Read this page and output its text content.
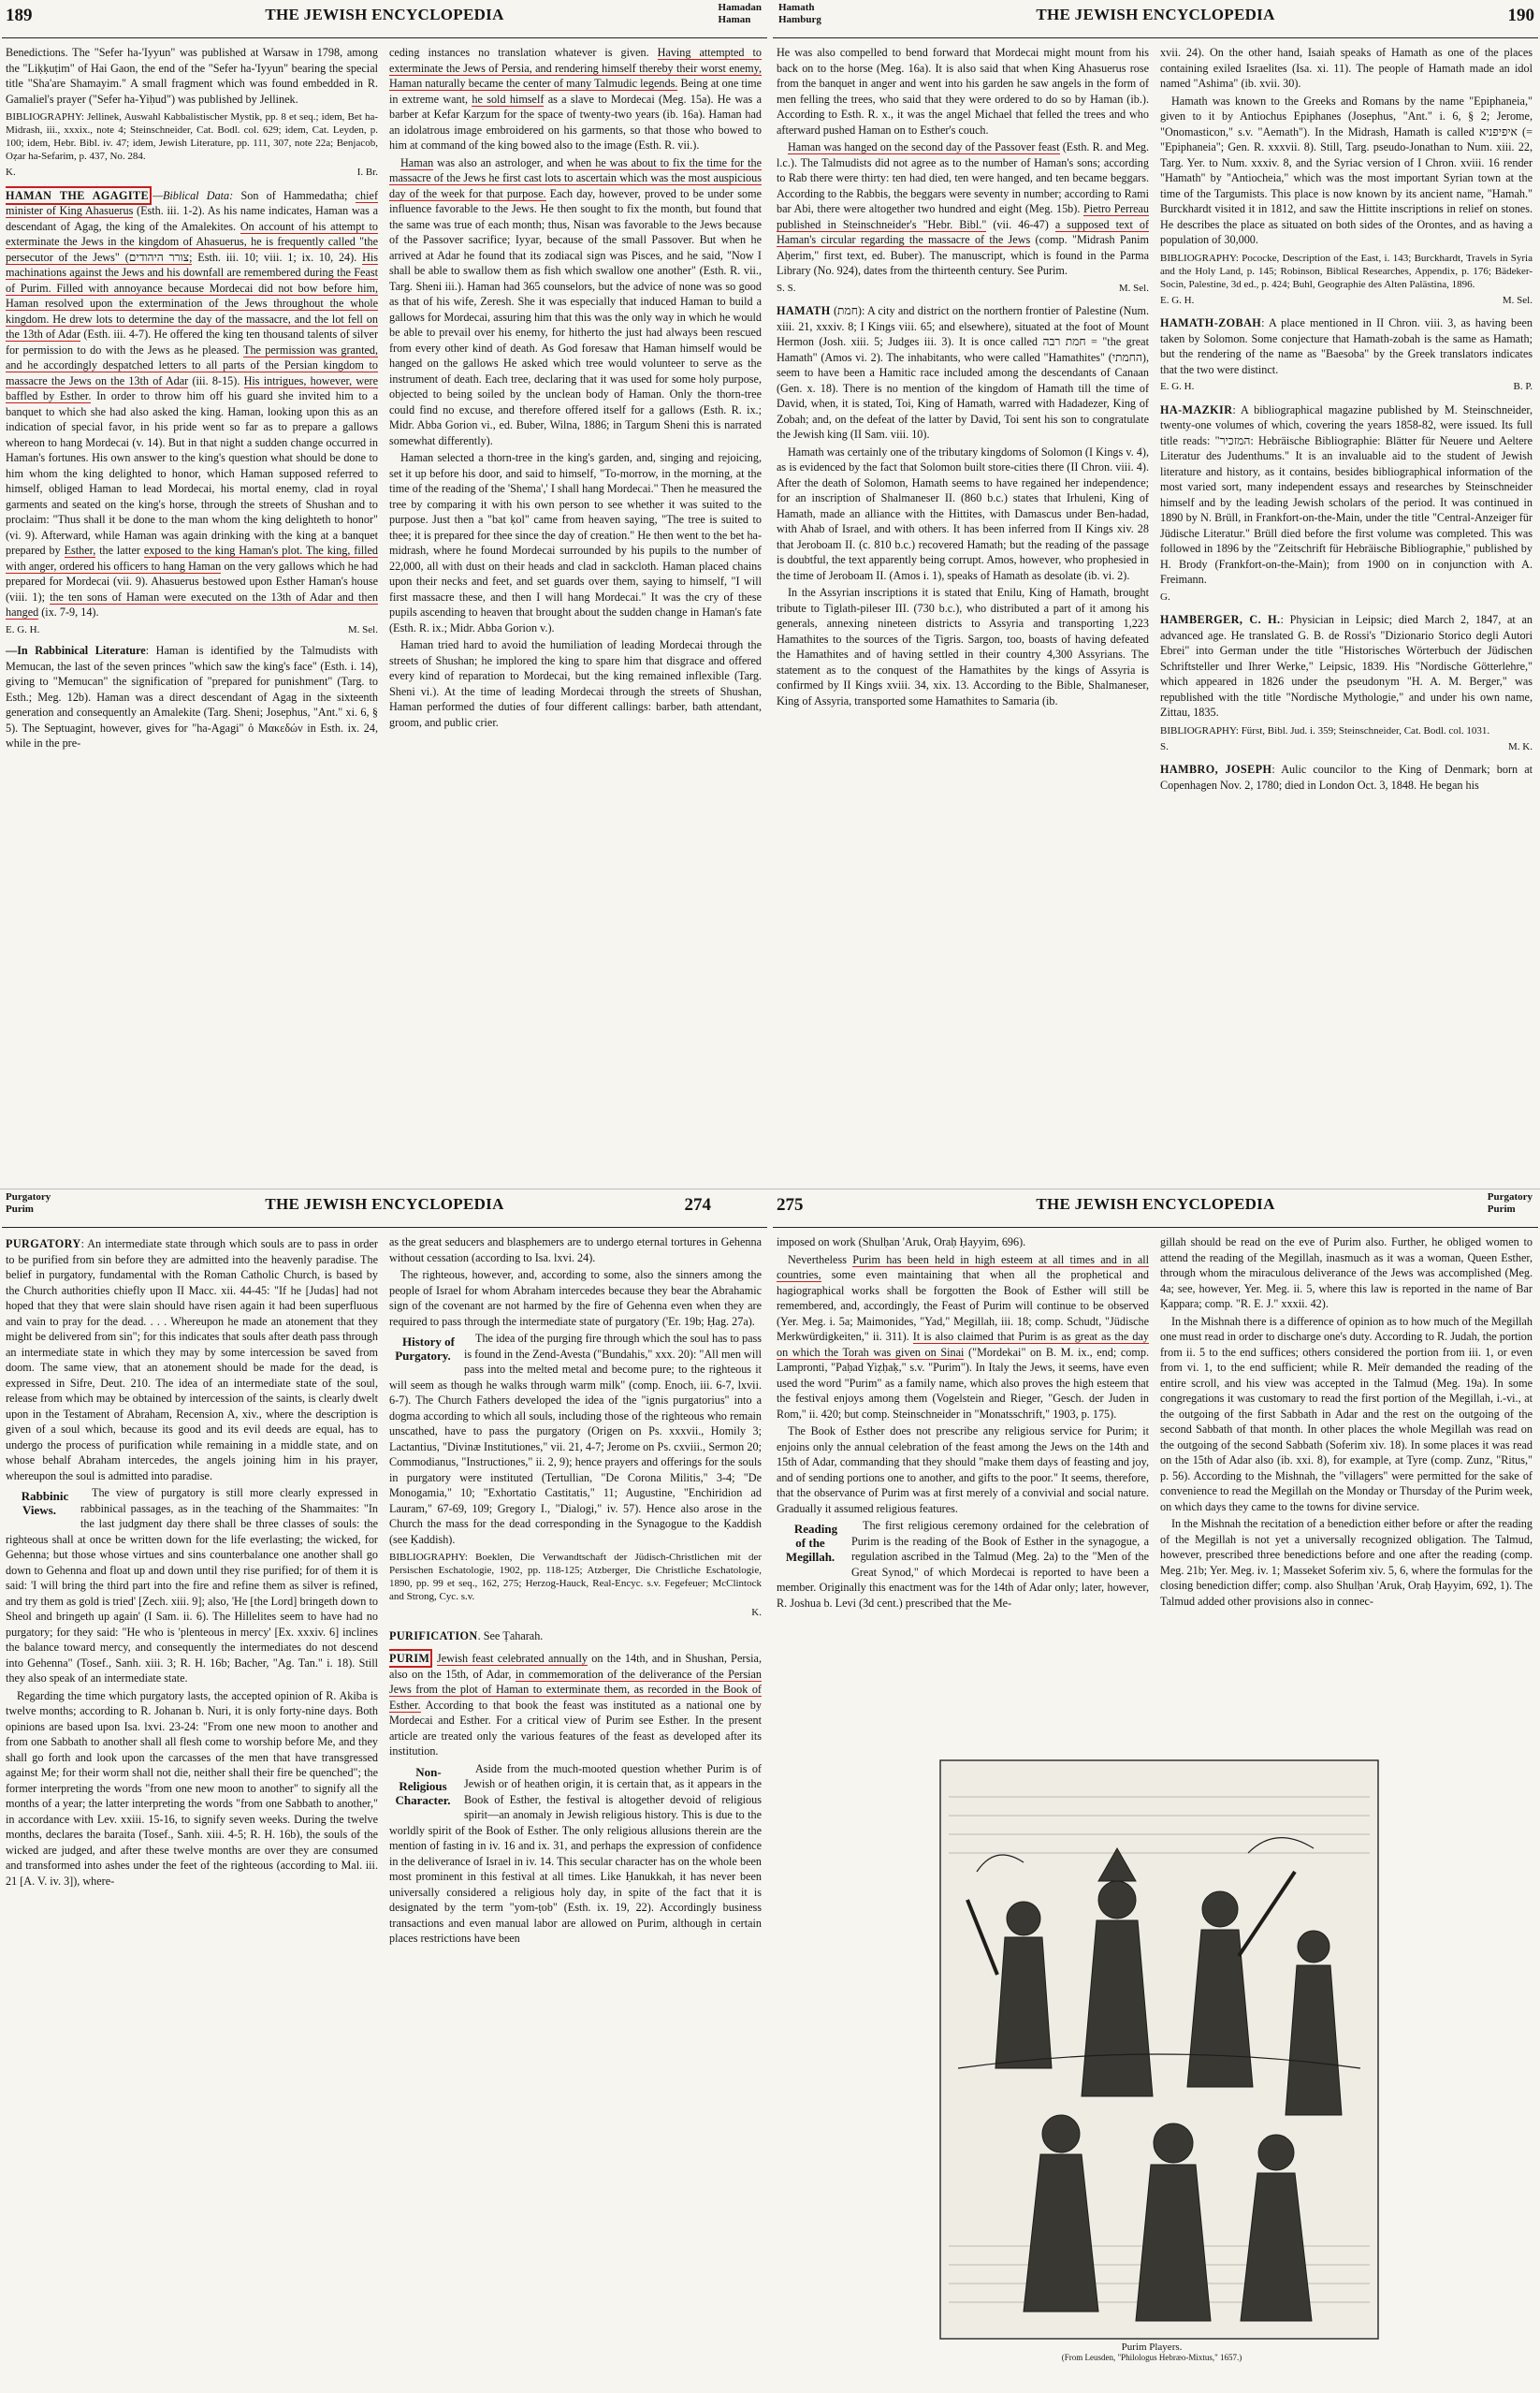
189	THE JEWISH ENCYCLOPEDIA	Hamadan
Haman
Hamath
Hamburg	THE JEWISH ENCYCLOPEDIA	190

Benedictions. The "Sefer ha-'Iyyun" was published at Warsaw in 1798, among the "Liḳḳuṭim" of Hai Gaon, the end of the "Sefer ha-'Iyyun" bearing the special title "Sha'are Shamayim." A small fragment which was found embedded in R. Gamaliel's prayer ("Sefer ha-Yiḥud") was published by Jellinek.

BIBLIOGRAPHY: Jellinek, Auswahl Kabbalistischer Mystik, pp. 8 et seq.; idem, Bet ha-Midrash, iii., xxxix., note 4; Steinschneider, Cat. Bodl. col. 629; idem, Cat. Leyden, p. 100; idem, Hebr. Bibl. iv. 47; idem, Jewish Literature, pp. 111, 307, note 22a; Benjacob, Oẓar ha-Sefarim, p. 437, No. 284.

K.	I. Br.

HAMAN THE AGAGITE:—Biblical Data: Son of Hammedatha; chief minister of King Ahasuerus (Esth. iii. 1-2). As his name indicates, Haman was a descendant of Agag, the king of the Amalekites. On account of his attempt to exterminate the Jews in the kingdom of Ahasuerus, he is frequently called "the persecutor of the Jews" (צורר היהודים; Esth. iii. 10; viii. 1; ix. 10, 24). His machinations against the Jews and his downfall are remembered during the Feast of Purim. Filled with annoyance because Mordecai did not bow before him, Haman resolved upon the extermination of the Jews throughout the whole kingdom. He drew lots to determine the day of the massacre, and the lot fell on the 13th of Adar (Esth. iii. 4-7). He offered the king ten thousand talents of silver for permission to do with the Jews as he pleased. The permission was granted, and he accordingly despatched letters to all parts of the Persian kingdom to massacre the Jews on the 13th of Adar (iii. 8-15). His intrigues, however, were baffled by Esther. In order to throw him off his guard she invited him to a banquet to which she had also asked the king. Haman, looking upon this as an indication of special favor, in his pride went so far as to prepare a gallows whereon to hang Mordecai (v. 14). But in that night a sudden change occurred in Haman's fortunes. His own answer to the king's question what should be done to him whom the king delighted to honor, which Haman supposed referred to himself, obliged Haman to lead Mordecai, his mortal enemy, clad in royal garments and seated on the king's horse, through the streets of Shushan and to proclaim: "Thus shall it be done to the man whom the king delighteth to honor" (vi. 9). Afterward, while Haman was again drinking with the king at a banquet prepared by Esther, the latter exposed to the king Haman's plot. The king, filled with anger, ordered his officers to hang Haman on the very gallows which he had prepared for Mordecai (vii. 9). Ahasuerus bestowed upon Esther Haman's house (viii. 1); the ten sons of Haman were executed on the 13th of Adar and then hanged (ix. 7-9, 14).

E. G. H.	M. Sel.

—In Rabbinical Literature: Haman is identified by the Talmudists with Memucan, the last of the seven princes "which saw the king's face" (Esth. i. 14), giving to "Memucan" the signification of "prepared for punishment" (Targ. to Esth.; Meg. 12b). Haman was a direct descendant of Agag in the sixteenth generation and consequently an Amalekite (Targ. Sheni; Josephus, "Ant." xi. 6, § 5). The Septuagint, however, gives for "ha-Agagi" ὁ Μακεδών in Esth. ix. 24, while in the pre-

ceding instances no translation whatever is given. Having attempted to exterminate the Jews of Persia, and rendering himself thereby their worst enemy, Haman naturally became the center of many Talmudic legends. Being at one time in extreme want, he sold himself as a slave to Mordecai (Meg. 15a). He was a barber at Kefar Ḳarẓum for the space of twenty-two years (ib. 16a). Haman had an idolatrous image embroidered on his garments, so that those who bowed to him at command of the king bowed also to the image (Esth. R. vii.).

Haman was also an astrologer, and when he was about to fix the time for the massacre of the Jews he first cast lots to ascertain which was the most auspicious day of the week for that purpose. Each day, however, proved to be under some influence favorable to the Jews. He then sought to fix the month, but found that the same was true of each month; thus, Nisan was favorable to the Jews because of the Passover sacrifice; Iyyar, because of the small Passover. But when he arrived at Adar he found that its zodiacal sign was Pisces, and he said, "Now I shall be able to swallow them as fish which swallow one another" (Esth. R. vii., Targ. Sheni iii.). Haman had 365 counselors, but the advice of none was so good as that of his wife, Zeresh. She it was especially that induced Haman to build a gallows for Mordecai, assuring him that this was the only way in which he would be able to prevail over his enemy, for hitherto the just had always been rescued from every other kind of death. As God foresaw that Haman himself would be hanged on the gallows He asked which tree would volunteer to serve as the instrument of death. Each tree, declaring that it was used for some holy purpose, objected to being soiled by the unclean body of Haman. Only the thorn-tree could find no excuse, and therefore offered itself for a gallows (Esth. R. ix.; Midr. Abba Gorion vi., ed. Buber, Wilna, 1886; in Targum Sheni this is narrated somewhat differently).

Haman selected a thorn-tree in the king's garden, and, singing and rejoicing, set it up before his door, and said to himself, "To-morrow, in the morning, at the time of the reading of the 'Shema',' I shall hang Mordecai." Then he measured the tree by comparing it with his own person to see whether it was suited to the purpose. Just then a "bat ḳol" came from heaven saying, "The tree is suited to thee; it is prepared for thee since the day of creation." He then went to the bet ha-midrash, where he found Mordecai surrounded by his pupils to the number of 22,000, all with dust on their heads and clad in sackcloth. Haman placed chains upon their necks and feet, and set guards over them, saying to himself, "I will first massacre these, and then I will hang Mordecai." It was the cry of these pupils ascending to heaven that brought about the sudden change in Haman's fate (Esth. R. ix.; Midr. Abba Gorion v.).

Haman tried hard to avoid the humiliation of leading Mordecai through the streets of Shushan; he implored the king to spare him that disgrace and offered every kind of reparation to Mordecai, but the king remained inflexible (Targ. Sheni vi.). At the time of leading Mordecai through the streets of Shushan, Haman performed the duties of four different callings: barber, bath attendant, groom, and public crier.

He was also compelled to bend forward that Mordecai might mount from his back on to the horse (Meg. 16a). It is also said that when King Ahasuerus rose from the banquet in anger and went into his garden he saw angels in the form of men felling the trees, who said that they were ordered to do so by Haman (ib.). According to Esth. R. x., it was the angel Michael that felled the trees and who afterward pushed Haman on to Esther's couch.

Haman was hanged on the second day of the Passover feast (Esth. R. and Meg. l.c.). The Talmudists did not agree as to the number of Haman's sons; according to Rab there were thirty: ten had died, ten were hanged, and ten became beggars. According to the Rabbis, the beggars were seventy in number; according to Rami bar Abi, there were altogether two hundred and eight (Meg. 15b). Pietro Perreau published in Steinschneider's "Hebr. Bibl." (vii. 46-47) a supposed text of Haman's circular regarding the massacre of the Jews (comp. "Midrash Panim Aḥerim," first text, ed. Buber). The manuscript, which is found in the Parma Library (No. 924), dates from the thirteenth century. See Purim.

S. S.	M. Sel.

HAMATH (חמת): A city and district on the northern frontier of Palestine (Num. xiii. 21, xxxiv. 8; I Kings viii. 65; and elsewhere), situated at the foot of Mount Hermon (Josh. xiii. 5; Judges iii. 3). It is once called חמת רבה = "the great Hamath" (Amos vi. 2). The inhabitants, who were called "Hamathites" (החמתי), seem to have been a Hamitic race included among the descendants of Canaan (Gen. x. 18). There is no mention of the kingdom of Hamath till the time of David, when, it is stated, Toi, King of Hamath, warred with Hadadezer, King of Zobah; and, on the defeat of the latter by David, Toi sent his son to congratulate the Jewish king (II Sam. viii. 10).

Hamath was certainly one of the tributary kingdoms of Solomon (I Kings v. 4), as is evidenced by the fact that Solomon built store-cities there (II Chron. viii. 4). After the death of Solomon, Hamath seems to have regained her independence; for an inscription of Shalmaneser II. (860 b.c.) states that Irhuleni, King of Hamath, made an alliance with the Hittites, with Damascus under Ben-hadad, with Ahab of Israel, and with others. It has been inferred from II Kings xiv. 28 that Jeroboam II. (c. 810 b.c.) recovered Hamath; but the reading of the passage is doubtful, the text apparently being corrupt. Amos, however, who prophesied in the time of Jeroboam II. (Amos i. 1), speaks of Hamath as desolate (ib. vi. 2).

In the Assyrian inscriptions it is stated that Enilu, King of Hamath, brought tribute to Tiglath-pileser III. (730 b.c.), who distributed a part of it among his generals, annexing nineteen districts to Assyria and transporting 1,223 Hamathites to the sources of the Tigris. Sargon, too, boasts of having defeated the Hamathites and of having settled in their country 4,300 Assyrians. The statement as to the conquest of the Hamathites by the kings of Assyria is confirmed by II Kings xviii. 34, xix. 13. According to the Bible, Shalmaneser, King of Assyria, transported some Hamathites to Samaria (ib.

xvii. 24). On the other hand, Isaiah speaks of Hamath as one of the places containing exiled Israelites (Isa. xi. 11). The people of Hamath made an idol named "Ashima" (ib. xvii. 30).

Hamath was known to the Greeks and Romans by the name "Epiphaneia," given to it by Antiochus Epiphanes (Josephus, "Ant." i. 6, § 2; Jerome, "Onomasticon," s.v. "Aemath"). In the Midrash, Hamath is called איפיפניא (= "Epiphaneia"; Gen. R. xxxvii. 8). Still, Targ. pseudo-Jonathan to Num. xiii. 22, Targ. Yer. to Num. xxxiv. 8, and the Syriac version of I Chron. xviii. 16 render "Hamath" by "Antiocheia," which was the most important Syrian town at the time of the Targumists. This place is now known by its ancient name, "Hamah." Burckhardt visited it in 1812, and saw the Hittite inscriptions in relief on stones. He describes the place as situated on both sides of the Orontes, and as having a population of 30,000.

BIBLIOGRAPHY: Pococke, Description of the East, i. 143; Burckhardt, Travels in Syria and the Holy Land, p. 145; Robinson, Biblical Researches, Appendix, p. 176; Bädeker-Socin, Palestine, 3d ed., p. 424; Buhl, Geographie des Alten Palästina, 1896.

E. G. H.	M. Sel.

HAMATH-ZOBAH: A place mentioned in II Chron. viii. 3, as having been taken by Solomon. Some conjecture that Hamath-zobah is the same as Hamath; but the rendering of the name as "Baesoba" by the Greek translators indicates that the two were distinct.

E. G. H.	B. P.

HA-MAZKIR: A bibliographical magazine published by M. Steinschneider, twenty-one volumes of which, covering the years 1858-82, were issued. Its full title reads: "המזכיר: Hebräische Bibliographie: Blätter für Neuere und Aeltere Literatur des Judenthums." It is an invaluable aid to the student of Jewish literature and history, as it contains, besides bibliographical information of the most varied sort, many independent essays and researches by Steinschneider himself and by the leading Jewish scholars of the period. It was continued in 1890 by N. Brüll, in Frankfort-on-the-Main, under the title "Central-Anzeiger für Jüdische Literatur." Brüll died before the first volume was completed. This was followed in 1896 by the "Zeitschrift für Hebräische Bibliographie," published by H. Brody (Frankfort-on-the-Main); from 1900 on in conjunction with A. Freimann.

G.

HAMBERGER, C. H.: Physician in Leipsic; died March 2, 1847, at an advanced age. He translated G. B. de Rossi's "Dizionario Storico degli Autori Ebrei" into German under the title "Historisches Wörterbuch der Jüdischen Schriftsteller und Ihrer Werke," Leipsic, 1839. His "Nordische Götterlehre," which appeared in 1826 under the pseudonym "H. A. M. Berger," was republished with the title "Nordische Mythologie," and under his own name, Zittau, 1835.

BIBLIOGRAPHY: Fürst, Bibl. Jud. i. 359; Steinschneider, Cat. Bodl. col. 1031.

S.	M. K.

HAMBRO, JOSEPH: Aulic councilor to the King of Denmark; born at Copenhagen Nov. 2, 1780; died in London Oct. 3, 1848. He began his

Purgatory
Purim	THE JEWISH ENCYCLOPEDIA	274	275	THE JEWISH ENCYCLOPEDIA	Purgatory
Purim

PURGATORY: An intermediate state through which souls are to pass in order to be purified from sin before they are admitted into the heavenly paradise. The belief in purgatory, fundamental with the Roman Catholic Church, is based by the Church authorities chiefly upon II Macc. xii. 44-45: "If he [Judas] had not hoped that they that were slain should have risen again it had been superfluous and vain to pray for the dead. . . . Whereupon he made an atonement that they might be delivered from sin"; for this indicates that souls after death pass through an intermediate state in which they may by some intercession be saved from doom. The same view, that an atonement should be made for the dead, is expressed in Sifre, Deut. 210. The idea of an intermediate state of the soul, release from which may be obtained by intercession of the saints, is clearly dwelt upon in the Testament of Abraham, Recension A, xiv., where the description is given of a soul which, because its good and its evil deeds are equal, has to undergo the process of purification while remaining in a middle state, and on whose behalf Abraham intercedes, the angels joining him in his prayer, whereupon the soul is admitted into paradise.

Rabbinic Views.
The view of purgatory is still more clearly expressed in rabbinical passages, as in the teaching of the Shammaites: "In the last judgment day there shall be three classes of souls: the righteous shall at once be written down for the life everlasting; the wicked, for Gehenna; but those whose virtues and sins counterbalance one another shall go down to Gehenna and float up and down until they rise purified; for of them it is said: 'I will bring the third part into the fire and refine them as silver is refined, and try them as gold is tried' [Zech. xiii. 9]; also, 'He [the Lord] bringeth down to Sheol and bringeth up again' (I Sam. ii. 6). The Hillelites seem to have had no purgatory; for they said: "He who is 'plenteous in mercy' [Ex. xxxiv. 6] inclines the balance toward mercy, and consequently the intermediates do not descend into Gehenna" (Tosef., Sanh. xiii. 3; R. H. 16b; Bacher, "Ag. Tan." i. 18). Still they also speak of an intermediate state.

Regarding the time which purgatory lasts, the accepted opinion of R. Akiba is twelve months; according to R. Johanan b. Nuri, it is only forty-nine days. Both opinions are based upon Isa. lxvi. 23-24: "From one new moon to another and from one Sabbath to another shall all flesh come to worship before Me, and they shall go forth and look upon the carcasses of the men that have transgressed against Me; for their worm shall not die, neither shall their fire be quenched"; the former interpreting the words "from one new moon to another" to signify all the months of a year; the latter interpreting the words "from one Sabbath to another," in accordance with Lev. xxiii. 15-16, to signify seven weeks. During the twelve months, declares the baraita (Tosef., Sanh. xiii. 4-5; R. H. 16b), the souls of the wicked are judged, and after these twelve months are over they are consumed and transformed into ashes under the feet of the righteous (according to Mal. iii. 21 [A. V. iv. 3]), where-

as the great seducers and blasphemers are to undergo eternal tortures in Gehenna without cessation (according to Isa. lxvi. 24).

The righteous, however, and, according to some, also the sinners among the people of Israel for whom Abraham intercedes because they bear the Abrahamic sign of the covenant are not harmed by the fire of Gehenna even when they are required to pass through the intermediate state of purgatory ('Er. 19b; Ḥag. 27a).

History of Purgatory.
The idea of the purging fire through which the soul has to pass is found in the Zend-Avesta ("Bundahis," xxx. 20): "All men will pass into the melted metal and become pure; to the righteous it will seem as though he walks through warm milk" (comp. Enoch, iii. 6-7, lxvii. 6-7). The Church Fathers developed the idea of the "ignis purgatorius" into a dogma according to which all souls, including those of the righteous who remain unscathed, have to pass the purgatory (Origen on Ps. xxxvii., Homily 3; Lactantius, "Divinæ Institutiones," vii. 21, 4-7; Jerome on Ps. cxviii., Sermon 20; Commodianus, "Instructiones," ii. 2, 9); hence prayers and offerings for the souls in purgatory were instituted (Tertullian, "De Corona Militis," 3-4; "De Monogamia," 10; "Exhortatio Castitatis," 11; Augustine, "Enchiridion ad Lauram," 67-69, 109; Gregory I., "Dialogi," iv. 57). Hence also arose in the Church the mass for the dead corresponding in the Synagogue to the Ḳaddish (see Ḳaddish).

BIBLIOGRAPHY: Boeklen, Die Verwandtschaft der Jüdisch-Christlichen mit der Persischen Eschatologie, 1902, pp. 118-125; Atzberger, Die Christliche Eschatologie, 1890, pp. 99 et seq., 162, 275; Herzog-Hauck, Real-Encyc. s.v. Fegefeuer; McClintock and Strong, Cyc. s.v.

K.

PURIFICATION. See Ṭaharah.

PURIM: Jewish feast celebrated annually on the 14th, and in Shushan, Persia, also on the 15th, of Adar, in commemoration of the deliverance of the Persian Jews from the plot of Haman to exterminate them, as recorded in the Book of Esther. According to that book the feast was instituted as a national one by Mordecai and Esther. For a critical view of Purim see Esther. In the present article are treated only the various features of the feast as developed after its institution.

Non-Religious Character.
Aside from the much-mooted question whether Purim is of Jewish or of heathen origin, it is certain that, as it appears in the Book of Esther, the festival is altogether devoid of religious spirit—an anomaly in Jewish religious history. This is due to the worldly spirit of the Book of Esther. The only religious allusions therein are the mention of fasting in iv. 16 and ix. 31, and perhaps the expression of confidence in the deliverance of Israel in iv. 14. This secular character has on the whole been most prominent in this festival at all times. Like Ḥanukkah, it has never been universally considered a religious holy day, in spite of the fact that it is designated by the term "yom-ṭob" (Esth. ix. 19, 22). Accordingly business transactions and even manual labor are allowed on Purim, although in certain places restrictions have been

imposed on work (Shulḥan 'Aruk, Oraḥ Ḥayyim, 696).

Nevertheless Purim has been held in high esteem at all times and in all countries, some even maintaining that when all the prophetical and hagiographical works shall be forgotten the Book of Esther will still be remembered, and, accordingly, the Feast of Purim will continue to be observed (Yer. Meg. i. 5a; Maimonides, "Yad," Megillah, iii. 18; comp. Schudt, "Jüdische Merkwürdigkeiten," ii. 311). It is also claimed that Purim is as great as the day on which the Torah was given on Sinai ("Mordekai" on B. M. ix., end; comp. Lampronti, "Paḥad Yiẓḥaḳ," s.v. "Purim"). In Italy the Jews, it seems, have even used the word "Purim" as a family name, which also proves the high esteem that the festival enjoys among them (Vogelstein and Rieger, "Gesch. der Juden in Rom," ii. 420; but comp. Steinschneider in "Monatsschrift," 1903, p. 175).

The Book of Esther does not prescribe any religious service for Purim; it enjoins only the annual celebration of the feast among the Jews on the 14th and 15th of Adar, commanding that they should "make them days of feasting and joy, and of sending portions one to another, and gifts to the poor." It seems, therefore, that the observance of Purim was at first merely of a convivial and social nature. Gradually it assumed religious features.

Reading of the Megillah.
The first religious ceremony ordained for the celebration of Purim is the reading of the Book of Esther in the synagogue, a regulation ascribed in the Talmud (Meg. 2a) to the "Men of the Great Synod," of which Mordecai is reported to have been a member. Originally this enactment was for the 14th of Adar only; later, however, R. Joshua b. Levi (3d cent.) prescribed that the Me-

gillah should be read on the eve of Purim also. Further, he obliged women to attend the reading of the Megillah, inasmuch as it was a woman, Queen Esther, through whom the miraculous deliverance of the Jews was accomplished (Meg. 4a; see, however, Yer. Meg. ii. 5, where this law is reported in the name of Bar Ḳappara; comp. "R. E. J." xxxii. 42).

In the Mishnah there is a difference of opinion as to how much of the Megillah one must read in order to discharge one's duty. According to R. Judah, the portion from ii. 5 to the end suffices; others considered the portion from iii. 1, or even from vi. 1, to the end sufficient; while R. Meïr demanded the reading of the entire scroll, and his view was accepted in the Talmud (Meg. 19a). In some congregations it was customary to read the first portion of the Megillah, i.-vi., at the outgoing of the first Sabbath in Adar and the rest on the outgoing of the second Sabbath of that month. In other places the whole Megillah was read on the outgoing of the second Sabbath (Soferim xiv. 18). In some places it was read on the 15th of Adar also (ib. xxi. 8), for example, at Tyre (comp. Zunz, "Ritus," p. 56). According to the Mishnah, the "villagers" were permitted for the sake of convenience to read the Megillah on the Monday or Thursday of the Purim week, on which days they came to the towns for divine service.

In the Mishnah the recitation of a benediction either before or after the reading of the Megillah is not yet a universally recognized obligation. The Talmud, however, prescribed three benedictions before and one after the reading (comp. Meg. 21b; Yer. Meg. iv. 1; Masseket Soferim xiv. 5, 6, where the formulas for the closing benediction differ; comp. also Shulḥan 'Aruk, Oraḥ Ḥayyim, 692, 1). The Talmud added other provisions also in connec-

Purim Players.
(From Leusden, "Philologus Hebræo-Mixtus," 1657.)
